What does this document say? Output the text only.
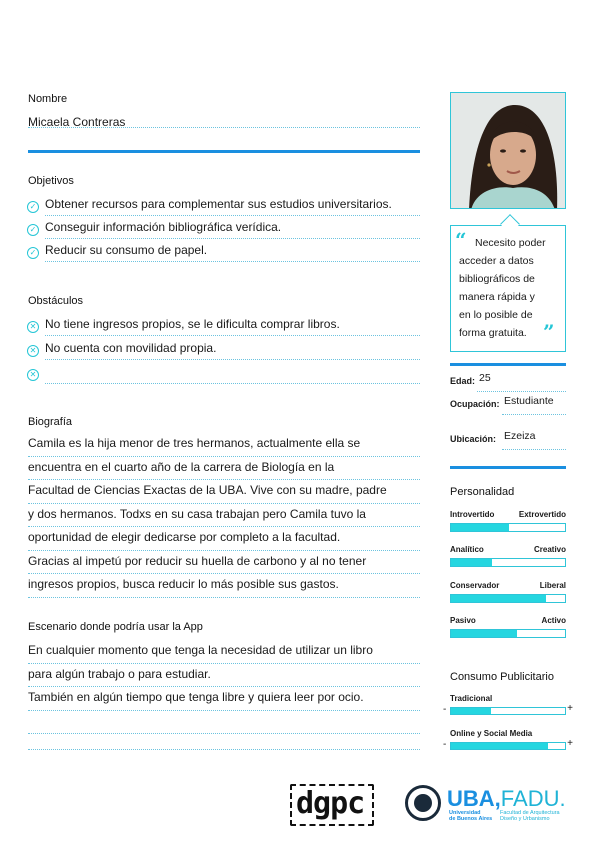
Nombre
Micaela Contreras
Objetivos
✓ Obtener recursos para complementar sus estudios universitarios.
✓ Conseguir información bibliográfica verídica.
✓ Reducir su consumo de papel.
Obstáculos
✕ No tiene ingresos propios, se le dificulta comprar libros.
✕ No cuenta con movilidad propia.
✕
Biografía
Camila es la hija menor de tres hermanos, actualmente ella se
encuentra en el cuarto año de la carrera de Biología en la
Facultad de Ciencias Exactas de la UBA. Vive con su madre, padre
y dos hermanos. Todxs en su casa trabajan pero Camila tuvo la
oportunidad de elegir dedicarse por completo a la facultad.
Gracias al impetú por reducir su huella de carbono y al no tener
ingresos propios, busca reducir lo más posible sus gastos.
Escenario donde podría usar la App
En cualquier momento que tenga la necesidad de utilizar un libro
para algún trabajo o para estudiar.
También en algún tiempo que tenga libre y quiera leer por ocio.
“ Necesito poder
acceder a datos
bibliográficos de
manera rápida y
en lo posible de
forma gratuita. ”
Edad: 25
Ocupación: Estudiante
Ubicación: Ezeiza
Personalidad
Introvertido	Extrovertido
Analítico	Creativo
Conservador	Liberal
Pasivo	Activo
Consumo Publicitario
Tradicional
-	+
Online y Social Media
-	+
dgpc	UBA,FADU.
Universidad
de Buenos Aires
Facultad de Arquitectura
Diseño y Urbanismo
